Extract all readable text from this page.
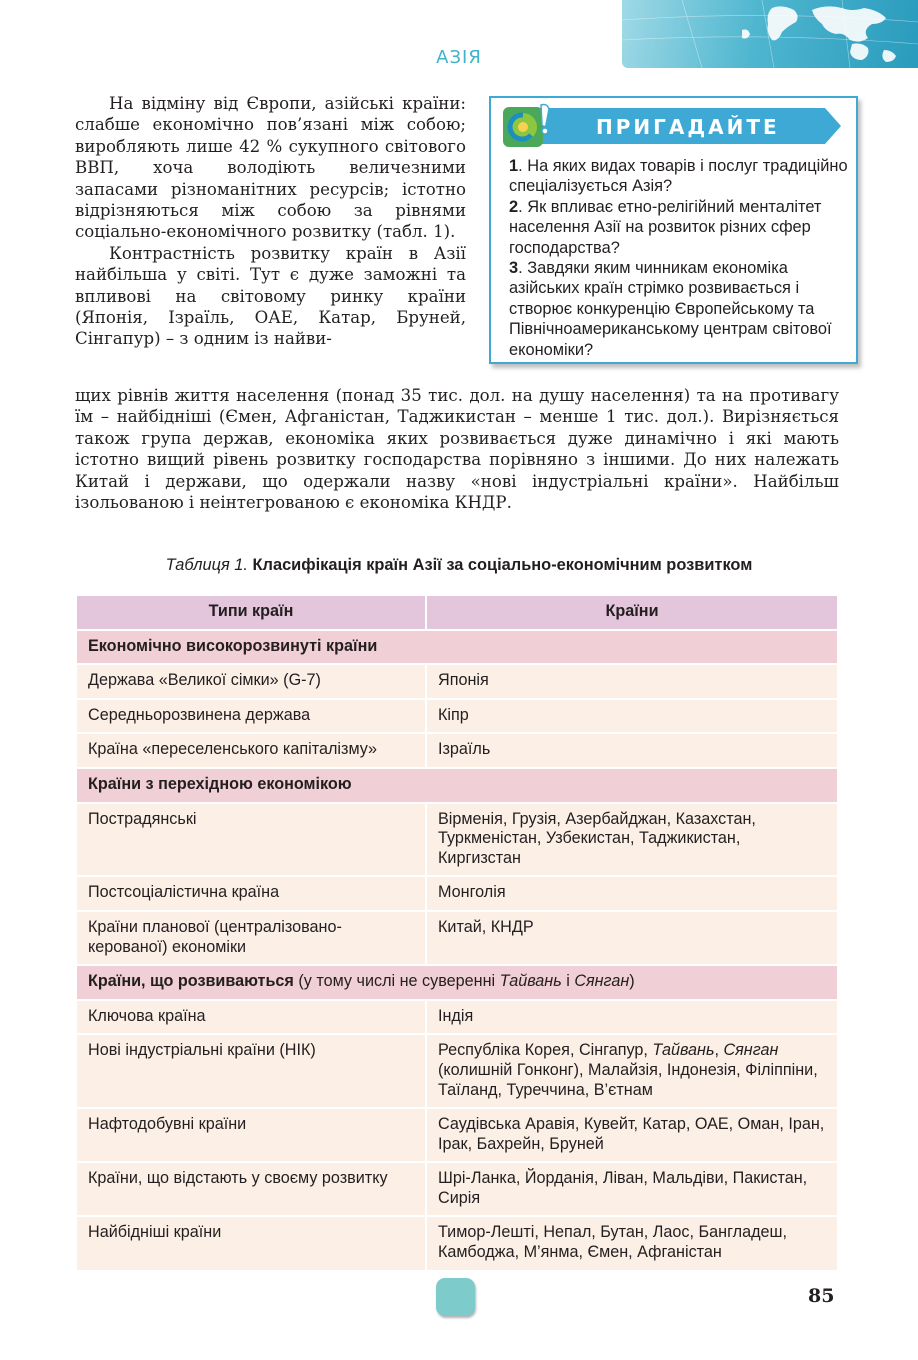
АЗІЯ

На відміну від Європи, азійські країни: слабше економічно пов’язані між собою; виробляють лише 42 % сукупного світового ВВП, хоча володіють величезними запасами різноманітних ресурсів; істотно відрізняються між собою за рівнями соціально-економічного розвитку (табл. 1).

Контрастність розвитку країн в Азії найбільша у світі. Тут є дуже заможні та впливові на світовому ринку країни (Японія, Ізраїль, ОАЕ, Катар, Бруней, Сінгапур) – з одним із найви-

ПРИГАДАЙТЕ

1. На яких видах товарів і послуг традиційно спеціалізується Азія?

2. Як впливає етно-релігійний менталітет населення Азії на розвиток різних сфер господарства?

3. Завдяки яким чинникам економіка азійських країн стрімко розвивається і створює конкуренцію Європейському та Північноамериканському центрам світової економіки?

щих рівнів життя населення (понад 35 тис. дол. на душу населення) та на противагу їм – найбідніші (Ємен, Афганістан, Таджикистан – менше 1 тис. дол.). Вирізняється також група держав, економіка яких розвивається дуже динамічно і які мають істотно вищий рівень розвитку господарства порівняно з іншими. До них належать Китай і держави, що одержали назву «нові індустріальні країни». Найбільш ізольованою і неінтегрованою є економіка КНДР.

Таблиця 1. Класифікація країн Азії за соціально-економічним розвитком
Типи країн	Країни
Економічно високорозвинуті країни	
Держава «Великої сімки» (G-7)	Японія
Середньорозвинена держава	Кіпр
Країна «переселенського капіталізму»	Ізраїль
Країни з перехідною економікою	
Пострадянські	Вірменія, Грузія, Азербайджан, Казахстан, Туркменістан, Узбекистан, Таджикистан, Киргизстан
Постсоціалістична країна	Монголія
Країни планової (централізовано-керованої) економіки	Китай, КНДР
Країни, що розвиваються (у тому числі не суверенні Тайвань і Сянган)	
Ключова країна	Індія
Нові індустріальні країни (НІК)	Республіка Корея, Сінгапур, Тайвань, Сянган (колишній Гонконг), Малайзія, Індонезія, Філіппіни, Таїланд, Туреччина, В’єтнам
Нафтодобувні країни	Саудівська Аравія, Кувейт, Катар, ОАЕ, Оман, Іран, Ірак, Бахрейн, Бруней
Країни, що відстають у своєму розвитку	Шрі-Ланка, Йорданія, Ліван, Мальдіви, Пакистан, Сирія
Найбідніші країни	Тимор-Лешті, Непал, Бутан, Лаос, Бангладеш, Камбоджа, М’янма, Ємен, Афганістан
85
